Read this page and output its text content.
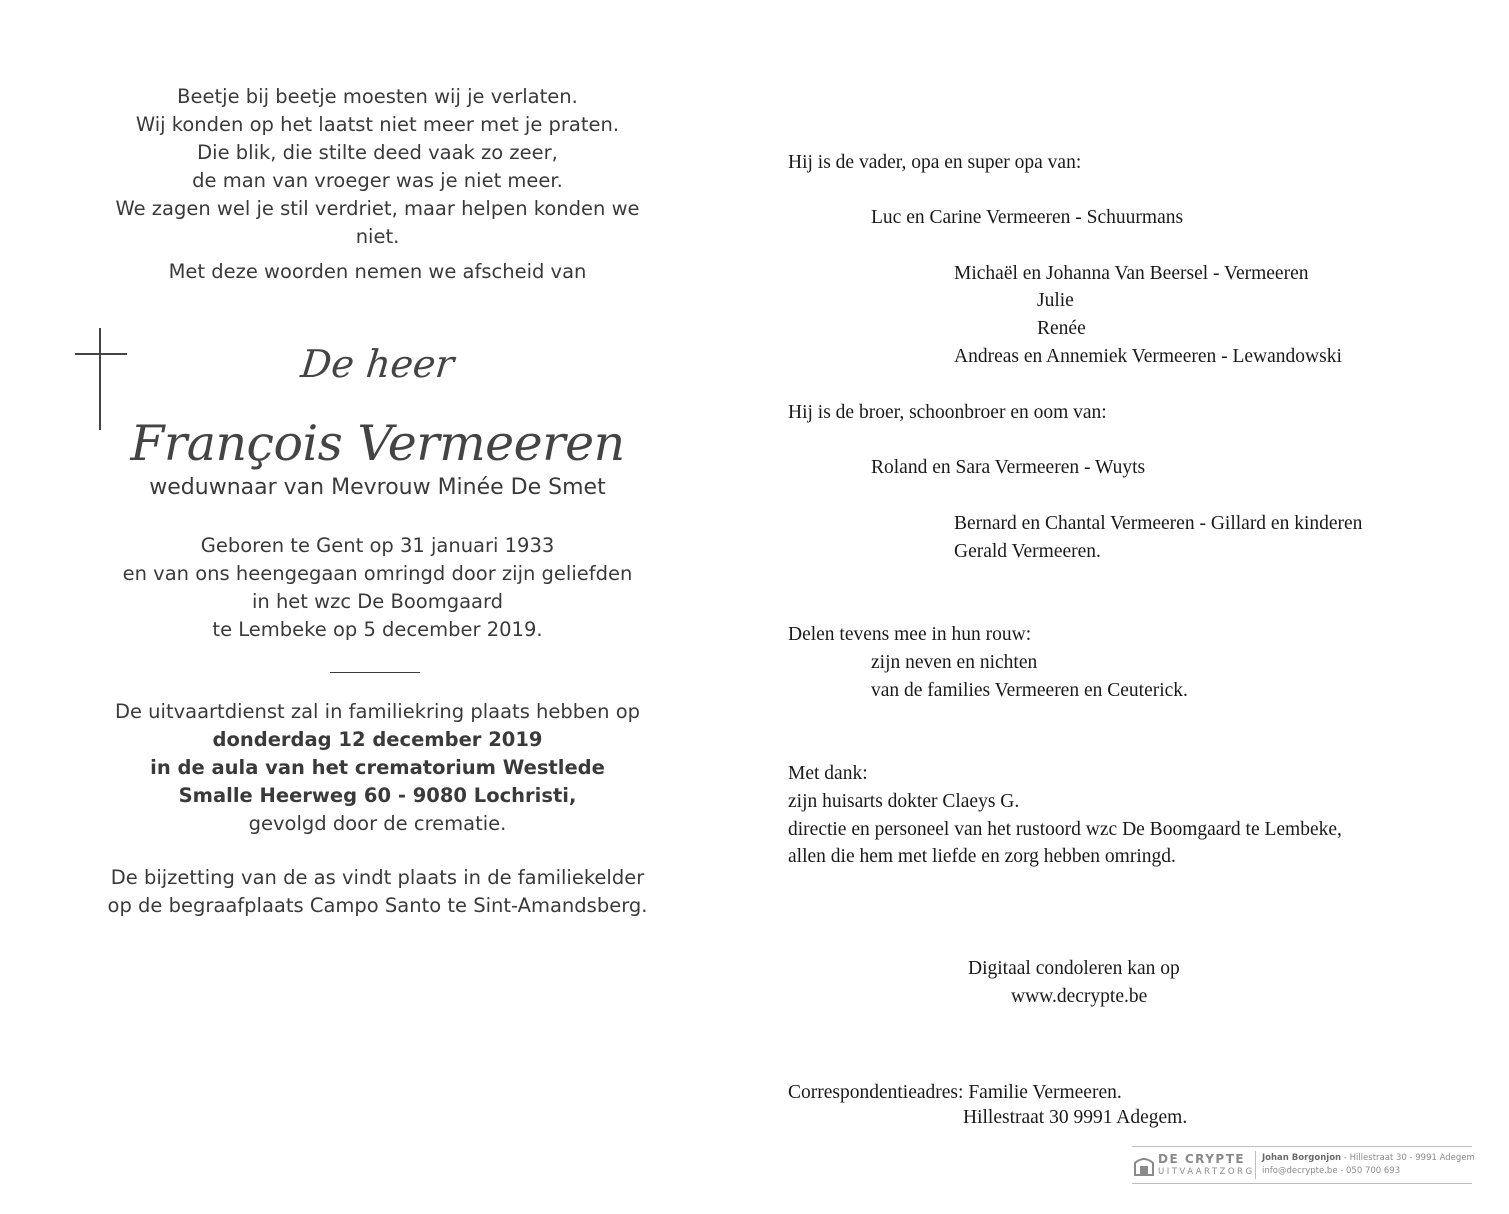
Beetje bij beetje moesten wij je verlaten.
Wij konden op het laatst niet meer met je praten.
Die blik, die stilte deed vaak zo zeer,
de man van vroeger was je niet meer.
We zagen wel je stil verdriet, maar helpen konden we niet.
Met deze woorden nemen we afscheid van
De heer
François Vermeeren
weduwnaar van Mevrouw Minée De Smet
Geboren te Gent op 31 januari 1933
en van ons heengegaan omringd door zijn geliefden
in het wzc De Boomgaard
te Lembeke op 5 december 2019.
De uitvaartdienst zal in familiekring plaats hebben op
donderdag 12 december 2019
in de aula van het crematorium Westlede
Smalle Heerweg 60 - 9080 Lochristi,
gevolgd door de crematie.
De bijzetting van de as vindt plaats in de familiekelder
op de begraafplaats Campo Santo te Sint-Amandsberg.
Hij is de vader, opa en super opa van:
Luc en Carine Vermeeren - Schuurmans
Michaël en Johanna Van Beersel - Vermeeren
Julie
Renée
Andreas en Annemiek Vermeeren - Lewandowski
Hij is de broer, schoonbroer en oom van:
Roland en Sara Vermeeren - Wuyts
Bernard en Chantal Vermeeren - Gillard en kinderen
Gerald Vermeeren.
Delen tevens mee in hun rouw:
zijn neven en nichten
van de families Vermeeren en Ceuterick.
Met dank:
zijn huisarts dokter Claeys G.
directie en personeel van het rustoord wzc De Boomgaard te Lembeke,
allen die hem met liefde en zorg hebben omringd.
Digitaal condoleren kan op
www.decrypte.be
Correspondentieadres: Familie Vermeeren.
Hillestraat 30 9991 Adegem.
DE CRYPTE
UITVAARTZORG
Johan Borgonjon - Hillestraat 30 - 9991 Adegem
info@decrypte.be - 050 700 693
